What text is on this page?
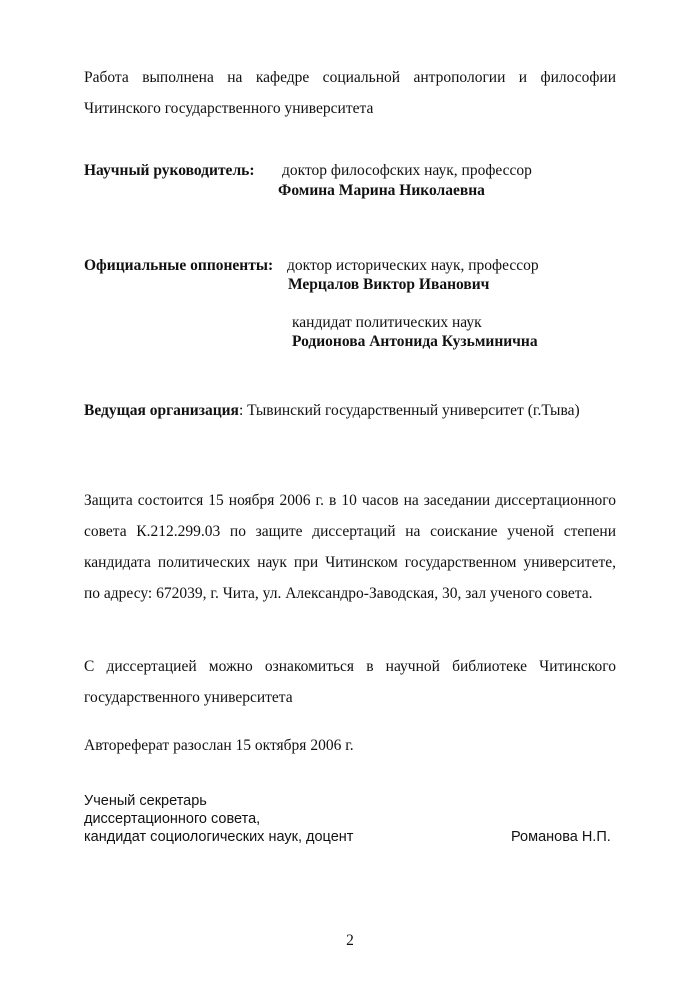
Работа выполнена на кафедре социальной антропологии и философии Читинского государственного университета
Научный руководитель: доктор философских наук, профессор
Фомина Марина Николаевна
Официальные оппоненты: доктор исторических наук, профессор
Мерцалов Виктор Иванович
кандидат политических наук
Родионова Антонида Кузьминична
Ведущая организация: Тывинский государственный университет (г.Тыва)
Защита состоится 15 ноября 2006 г. в 10 часов на заседании диссертационного совета К.212.299.03 по защите диссертаций на соискание ученой степени кандидата политических наук при Читинском государственном университете, по адресу: 672039, г. Чита, ул. Александро-Заводская, 30, зал ученого совета.
С диссертацией можно ознакомиться в научной библиотеке Читинского государственного университета
Автореферат разослан 15 октября 2006 г.
Ученый секретарь
диссертационного совета,
кандидат социологических наук, доцент	Романова Н.П.
2
